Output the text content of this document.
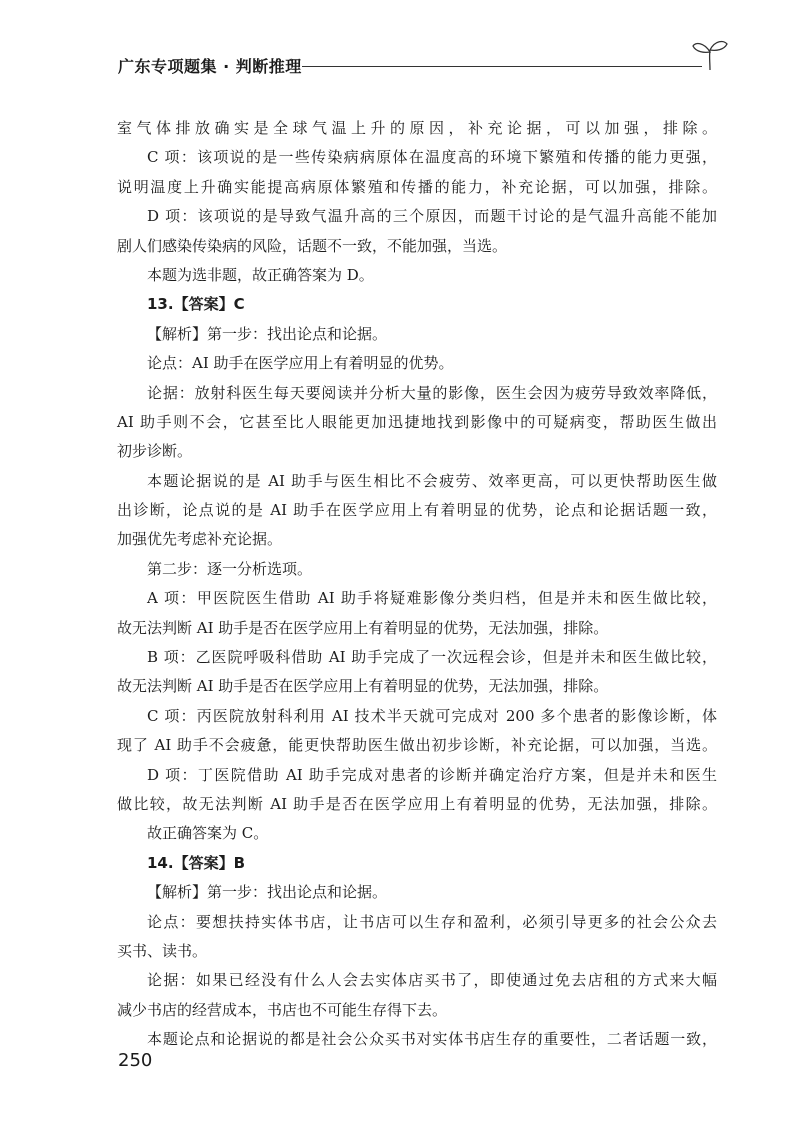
广东专项题集 · 判断推理
室气体排放确实是全球气温上升的原因，补充论据，可以加强，排除。
C 项：该项说的是一些传染病病原体在温度高的环境下繁殖和传播的能力更强，
说明温度上升确实能提高病原体繁殖和传播的能力，补充论据，可以加强，排除。
D 项：该项说的是导致气温升高的三个原因，而题干讨论的是气温升高能不能加
剧人们感染传染病的风险，话题不一致，不能加强，当选。
本题为选非题，故正确答案为 D。
13.【答案】C
【解析】第一步：找出论点和论据。
论点：AI 助手在医学应用上有着明显的优势。
论据：放射科医生每天要阅读并分析大量的影像，医生会因为疲劳导致效率降低，
AI 助手则不会，它甚至比人眼能更加迅捷地找到影像中的可疑病变，帮助医生做出
初步诊断。
本题论据说的是 AI 助手与医生相比不会疲劳、效率更高，可以更快帮助医生做
出诊断，论点说的是 AI 助手在医学应用上有着明显的优势，论点和论据话题一致，
加强优先考虑补充论据。
第二步：逐一分析选项。
A 项：甲医院医生借助 AI 助手将疑难影像分类归档，但是并未和医生做比较，
故无法判断 AI 助手是否在医学应用上有着明显的优势，无法加强，排除。
B 项：乙医院呼吸科借助 AI 助手完成了一次远程会诊，但是并未和医生做比较，
故无法判断 AI 助手是否在医学应用上有着明显的优势，无法加强，排除。
C 项：丙医院放射科利用 AI 技术半天就可完成对 200 多个患者的影像诊断，体
现了 AI 助手不会疲惫，能更快帮助医生做出初步诊断，补充论据，可以加强，当选。
D 项：丁医院借助 AI 助手完成对患者的诊断并确定治疗方案，但是并未和医生
做比较，故无法判断 AI 助手是否在医学应用上有着明显的优势，无法加强，排除。
故正确答案为 C。
14.【答案】B
【解析】第一步：找出论点和论据。
论点：要想扶持实体书店，让书店可以生存和盈利，必须引导更多的社会公众去
买书、读书。
论据：如果已经没有什么人会去实体店买书了，即使通过免去店租的方式来大幅
减少书店的经营成本，书店也不可能生存得下去。
本题论点和论据说的都是社会公众买书对实体书店生存的重要性，二者话题一致，
250
